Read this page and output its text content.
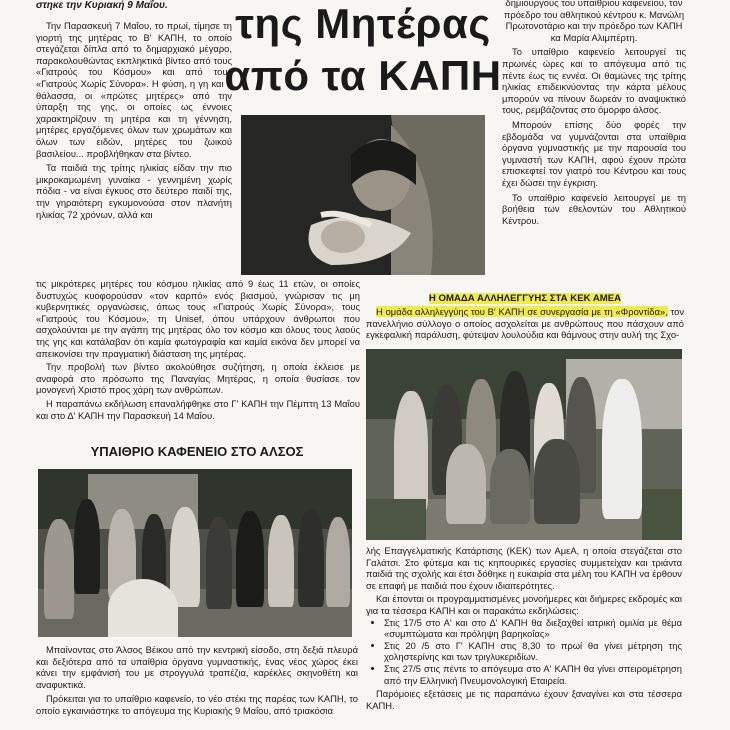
στηκε την Κυριακή 9 Μαΐου.	της Μητέρας
από τα ΚΑΠΗ

Την Παρασκευή 7 Μαΐου, το πρωί, τίμησε τη γιορτή της μητέρας το Β' ΚΑΠΗ, το οποίο στεγάζεται δίπλα από το δημαρχιακό μέγαρο, παρακολουθώντας εκπληκτικά βίντεο από τους «Γιατρούς του Κόσμου» και από τους «Γιατρούς Χωρίς Σύνορα». Η φύση, η γη και η θάλασσα, οι «πρώτες μητέρες» από την ύπαρξη της γης, οι οποίες ως έννοιες χαρακτηρίζουν τη μητέρα και τη γέννηση, μητέρες εργαζόμενες όλων των χρωμάτων και όλων των ειδών, μητέρες του ζωικού βασιλείου... προβλήθηκαν στα βίντεο.

Τα παιδιά της τρίτης ηλικίας είδαν την πιο μικροκαμωμένη γυναίκα - γεννημένη χωρίς πόδια - να είναι έγκυος στο δεύτερο παιδί της, την γηραιότερη εγκυμονούσα στον πλανήτη ηλικίας 72 χρόνων, αλλά και

τις μικρότερες μητέρες του κόσμου ηλικίας από 9 έως 11 ετών, οι οποίες δυστυχώς κυοφορούσαν «τον καρπό» ενός βιασμού, γνώρισαν τις μη κυβερνητικές οργανώσεις, όπως τους «Γιατρούς Χωρίς Σύνορα», τους «Γιατρούς του Κόσμου», τη Unisef, όπου υπάρχουν άνθρωποι που ασχολούνται με την αγάπη της μητέρας όλο τον κόσμο και όλους τους λαούς της γης και κατάλαβαν ότι καμία φωτογραφία και καμία εικόνα δεν μπορεί να απεικονίσει την πραγματική διάσταση της μητέρας.

Την προβολή των βίντεο ακολούθησε συζήτηση, η οποία έκλεισε με αναφορά στο πρόσωπο της Παναγίας Μητέρας, η οποία θυσίασε τον μονογενή Χριστό προς χάρη των ανθρώπων.

Η παραπάνω εκδήλωση επαναλήφθηκε στο Γ' ΚΑΠΗ την Πέμπτη 13 Μαΐου και στο Δ' ΚΑΠΗ την Παρασκευή 14 Μαΐου.

ΥΠΑΙΘΡΙΟ ΚΑΦΕΝΕΙΟ ΣΤΟ ΑΛΣΟΣ

Μπαίνοντας στο Άλσος Βέικου από την κεντρική είσοδο, στη δεξιά πλευρά και δεξιότερα από τα υπαίθρια όργανα γυμναστικής, ένας νέος χώρος έκει κάνει την εμφάνισή του με στρογγυλά τραπέζια, καρέκλες σκηνοθέτη και αναφυκτικά.

Πρόκειται για το υπαίθριο καφενείο, το νέο στέκι της παρέας των ΚΑΠΗ, το οποίο εγκαινιάστηκε το απόγευμα της Κυριακής 9 Μαΐου, από τριακόσια

δημιουργούς του υπαίθριου καφενείου, τον πρόεδρο του αθλητικού κέντρου κ. Μανώλη Πρωτονοτάριο και την πρόεδρο των ΚΑΠΗ κα Μαρία Αλιμπέρτη.

Το υπαίθριο καφενείο λειτουργεί τις πρωινές ώρες και το απόγευμα από τις πέντε έως τις εννέα. Οι θαμώνες της τρίτης ηλικίας επιδεικνύοντας την κάρτα μέλους μπορούν να πίνουν δωρεάν το αναψυκτικό τους, ρεμβάζοντας στο όμορφο άλσος.

Μπορούν επίσης δύο φορές την εβδομάδα να γυμνάζονται στα υπαίθρια όργανα γυμναστικής με την παρουσία του γυμναστή των ΚΑΠΗ, αφού έχουν πρώτα επισκεφτεί τον γιατρό του Κέντρου και τους έχει δώσει την έγκριση.

Το υπαίθριο καφενείο λειτουργεί με τη βοήθεια των εθελοντών του Αθλητικού Κέντρου.

Η ΟΜΑΔΑ ΑΛΛΗΛΕΓΓΥΗΣ ΣΤΑ ΚΕΚ ΑΜΕΑ

Η ομάδα αλληλεγγύης του Β' ΚΑΠΗ σε συνεργασία με τη «Φροντίδα», τον πανελλήνιο σύλλογο ο οποίος ασχολείται με ανθρώπους που πάσχουν από εγκεφαλική παράλυση, φύτεψαν λουλούδια και θάμνους στην αυλή της Σχο-

λής Επαγγελματικής Κατάρτισης (ΚΕΚ) των ΑμεΑ, η οποία στεγάζεται στο Γαλάτσι. Στο φύτεμα και τις κηπουρικές εργασίες συμμετείχαν και τριάντα παιδιά της σχολής και έτσι δόθηκε η ευκαιρία στα μέλη του ΚΑΠΗ να έρθουν σε επαφή με παιδιά που έχουν ιδιαιτερότητες.

Και έπονται οι προγραμματισμένες μονοήμερες και διήμερες εκδρομές και για τα τέσσερα ΚΑΠΗ και οι παρακάτω εκδηλώσεις:

• Στις 17/5 στο Α' και στο Δ' ΚΑΠΗ θα διεξαχθεί ιατρική ομιλία με θέμα «συμπτώματα και πρόληψη βαρηκοΐας»
• Στις 20 /5 στο Γ' ΚΑΠΗ στις 8,30 το πρωί θα γίνει μέτρηση της χοληστερίνης και των τριγλυκεριδίων.
• Στις 27/5 στις πέντε το απόγευμα στο Α' ΚΑΠΗ θα γίνει σπειρομέτρηση από την Ελληνική Πνευμονολογική Εταιρεία.

Παρόμοιες εξετάσεις με τις παραπάνω έχουν ξαναγίνει και στα τέσσερα ΚΑΠΗ.
